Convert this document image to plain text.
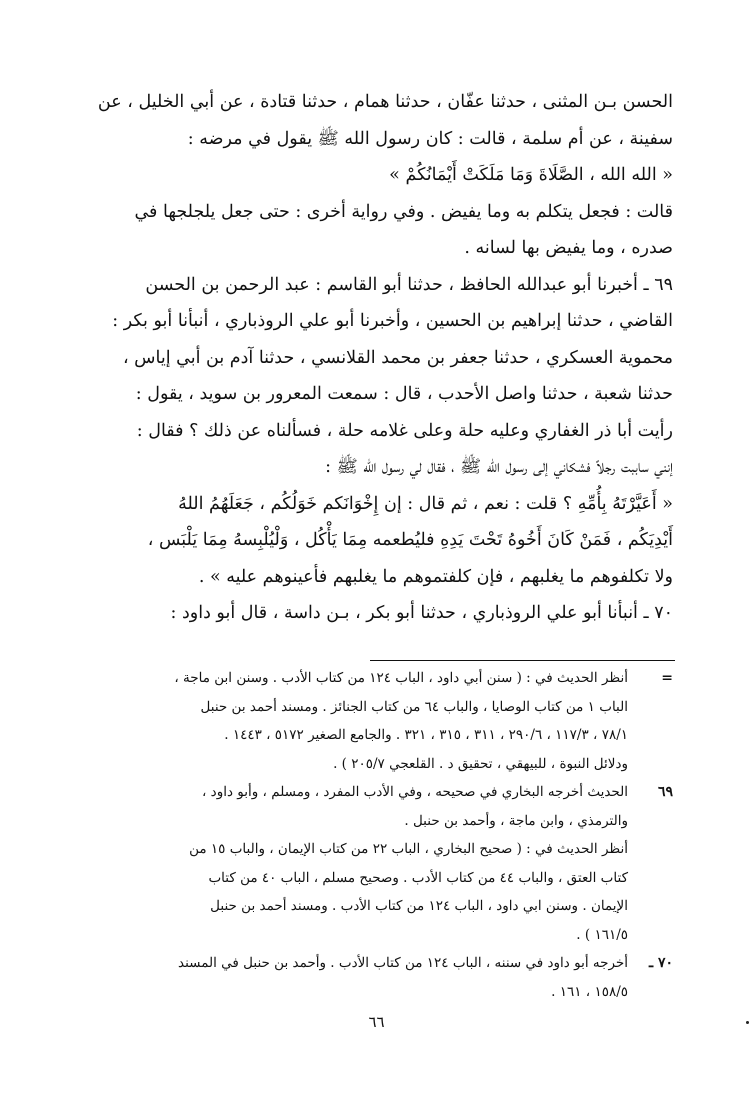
الحسن بـن المثنى ، حدثنا عفّان ، حدثنا همام ، حدثنا قتادة ، عن أبي الخليل ، عن

سفينة ، عن أم سلمة ، قالت : كان رسول الله ﷺ يقول في مرضه :

« الله الله ، الصَّلَاةَ وَمَا مَلَكَتْ أَيْمَانُكُمْ »

قالت : فجعل يتكلم به وما يفيض . وفي رواية أخرى : حتى جعل يلجلجها في

صدره ، وما يفيض بها لسانه .

٦٩ ـ أخبرنا أبو عبدالله الحافظ ، حدثنا أبو القاسم : عبد الرحمن بن الحسن

القاضي ، حدثنا إبراهيم بن الحسين ، وأخبرنا أبو علي الروذباري ، أنبأنا أبو بكر :

محموية العسكري ، حدثنا جعفر بن محمد القلانسي ، حدثنا آدم بن أبي إياس ،

حدثنا شعبة ، حدثنا واصل الأحدب ، قال : سمعت المعرور بن سويد ، يقول :

رأيت أبا ذر الغفاري وعليه حلة وعلى غلامه حلة ، فسألناه عن ذلك ؟ فقال :

إنني ساببت رجلاً فشكاني إلى رسول الله ﷺ ، فقال لي رسول الله ﷺ :

« أَعَيَّرْتَهُ بِأُمِّهِ ؟ قلت : نعم ، ثم قال : إن إِخْوَانَكم خَوَلُكُم ، جَعَلَهُمُ اللهُ

أَيْدِيَكُم ، فَمَنْ كَانَ أَخُوهُ تَحْتَ يَدِهِ فليُطعمه مِمَا يَأْكُل ، وَلْيُلْبِسهُ مِمَا يَلْبَس ،

ولا تكلفوهم ما يغلبهم ، فإن كلفتموهم ما يغلبهم فأعينوهم عليه » .

٧٠ ـ أنبأنا أبو علي الروذباري ، حدثنا أبو بكر ، بـن داسة ، قال أبو داود :

=

أنظر الحديث في : ( سنن أبي داود ، الباب ١٢٤ من كتاب الأدب . وسنن ابن ماجة ،

الباب ١ من كتاب الوصايا ، والباب ٦٤ من كتاب الجنائز . ومسند أحمد بن حنبل

٧٨/١ ، ١١٧/٣ ، ٢٩٠/٦ ، ٣١١ ، ٣١٥ ، ٣٢١ . والجامع الصغير ٥١٧٢ ، ١٤٤٣ .

ودلائل النبوة ، للبيهقي ، تحقيق د . القلعجي ٢٠٥/٧ ) .

٦٩

الحديث أخرجه البخاري في صحيحه ، وفي الأدب المفرد ، ومسلم ، وأبو داود ،

والترمذي ، وابن ماجة ، وأحمد بن حنبل .

أنظر الحديث في : ( صحيح البخاري ، الباب ٢٢ من كتاب الإيمان ، والباب ١٥ من

كتاب العتق ، والباب ٤٤ من كتاب الأدب . وصحيح مسلم ، الباب ٤٠ من كتاب

الإيمان . وسنن ابي داود ، الباب ١٢٤ من كتاب الأدب . ومسند أحمد بن حنبل

١٦١/٥ ) .

٧٠ ـ

أخرجه أبو داود في سننه ، الباب ١٢٤ من كتاب الأدب . وأحمد بن حنبل في المسند

١٥٨/٥ ، ١٦١ .

٦٦
